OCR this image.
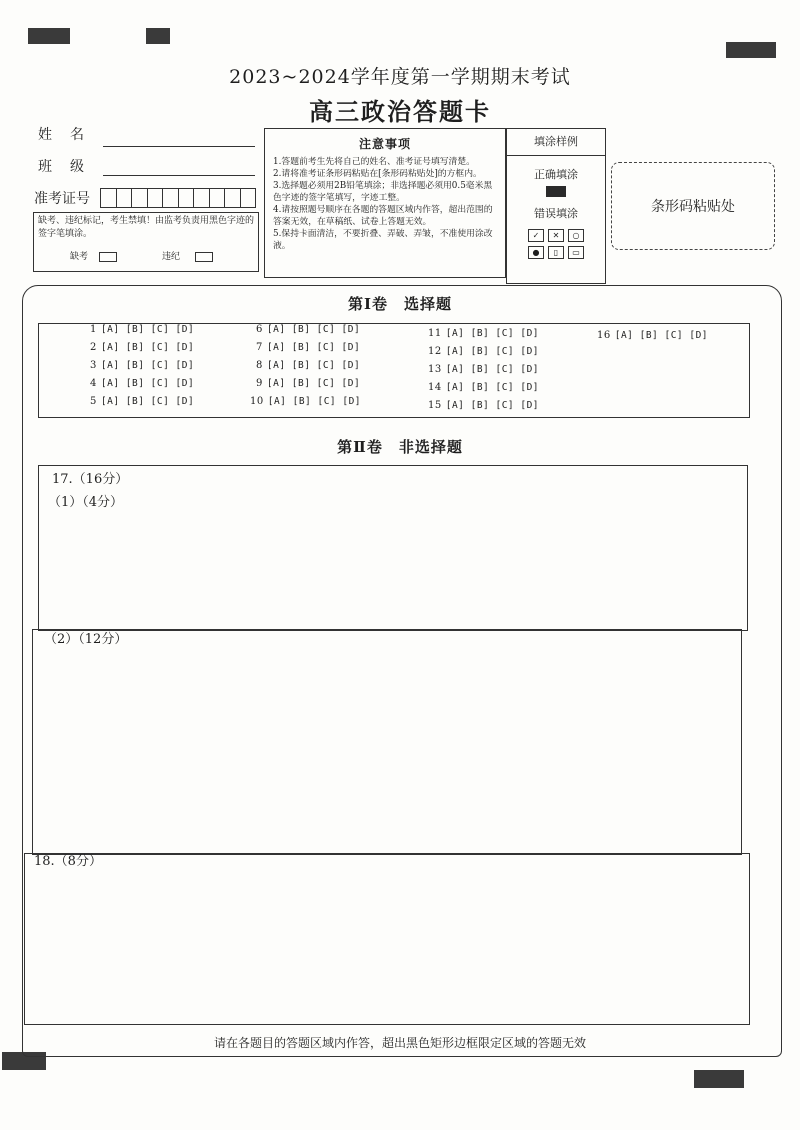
2023~2024学年度第一学期期末考试
高三政治答题卡
姓　名
班　级
准考证号
缺考、违纪标记，考生禁填！由监考负责用黑色字迹的签字笔填涂。
缺考	违纪
注意事项
1.答题前考生先将自己的姓名、准考证号填写清楚。
2.请将准考证条形码粘贴在[条形码粘贴处]的方框内。
3.选择题必须用2B铅笔填涂；非选择题必须用0.5毫米黑色字迹的签字笔填写，字迹工整。
4.请按照题号顺序在各题的答题区域内作答，超出范围的答案无效，在草稿纸、试卷上答题无效。
5.保持卡面清洁，不要折叠、弄破、弄皱，不准使用涂改液。
填涂样例
正确填涂
错误填涂
✓	✕	○
●	▯	▭
条形码粘贴处
第Ⅰ卷　选择题
1 [A] [B] [C] [D]
2 [A] [B] [C] [D]
3 [A] [B] [C] [D]
4 [A] [B] [C] [D]
5 [A] [B] [C] [D]
6 [A] [B] [C] [D]
7 [A] [B] [C] [D]
8 [A] [B] [C] [D]
9 [A] [B] [C] [D]
10 [A] [B] [C] [D]
11 [A] [B] [C] [D]
12 [A] [B] [C] [D]
13 [A] [B] [C] [D]
14 [A] [B] [C] [D]
15 [A] [B] [C] [D]
16 [A] [B] [C] [D]
第Ⅱ卷　非选择题
17.（16分）
（1）（4分）
（2）（12分）
18.（8分）
请在各题目的答题区域内作答，超出黑色矩形边框限定区域的答题无效
